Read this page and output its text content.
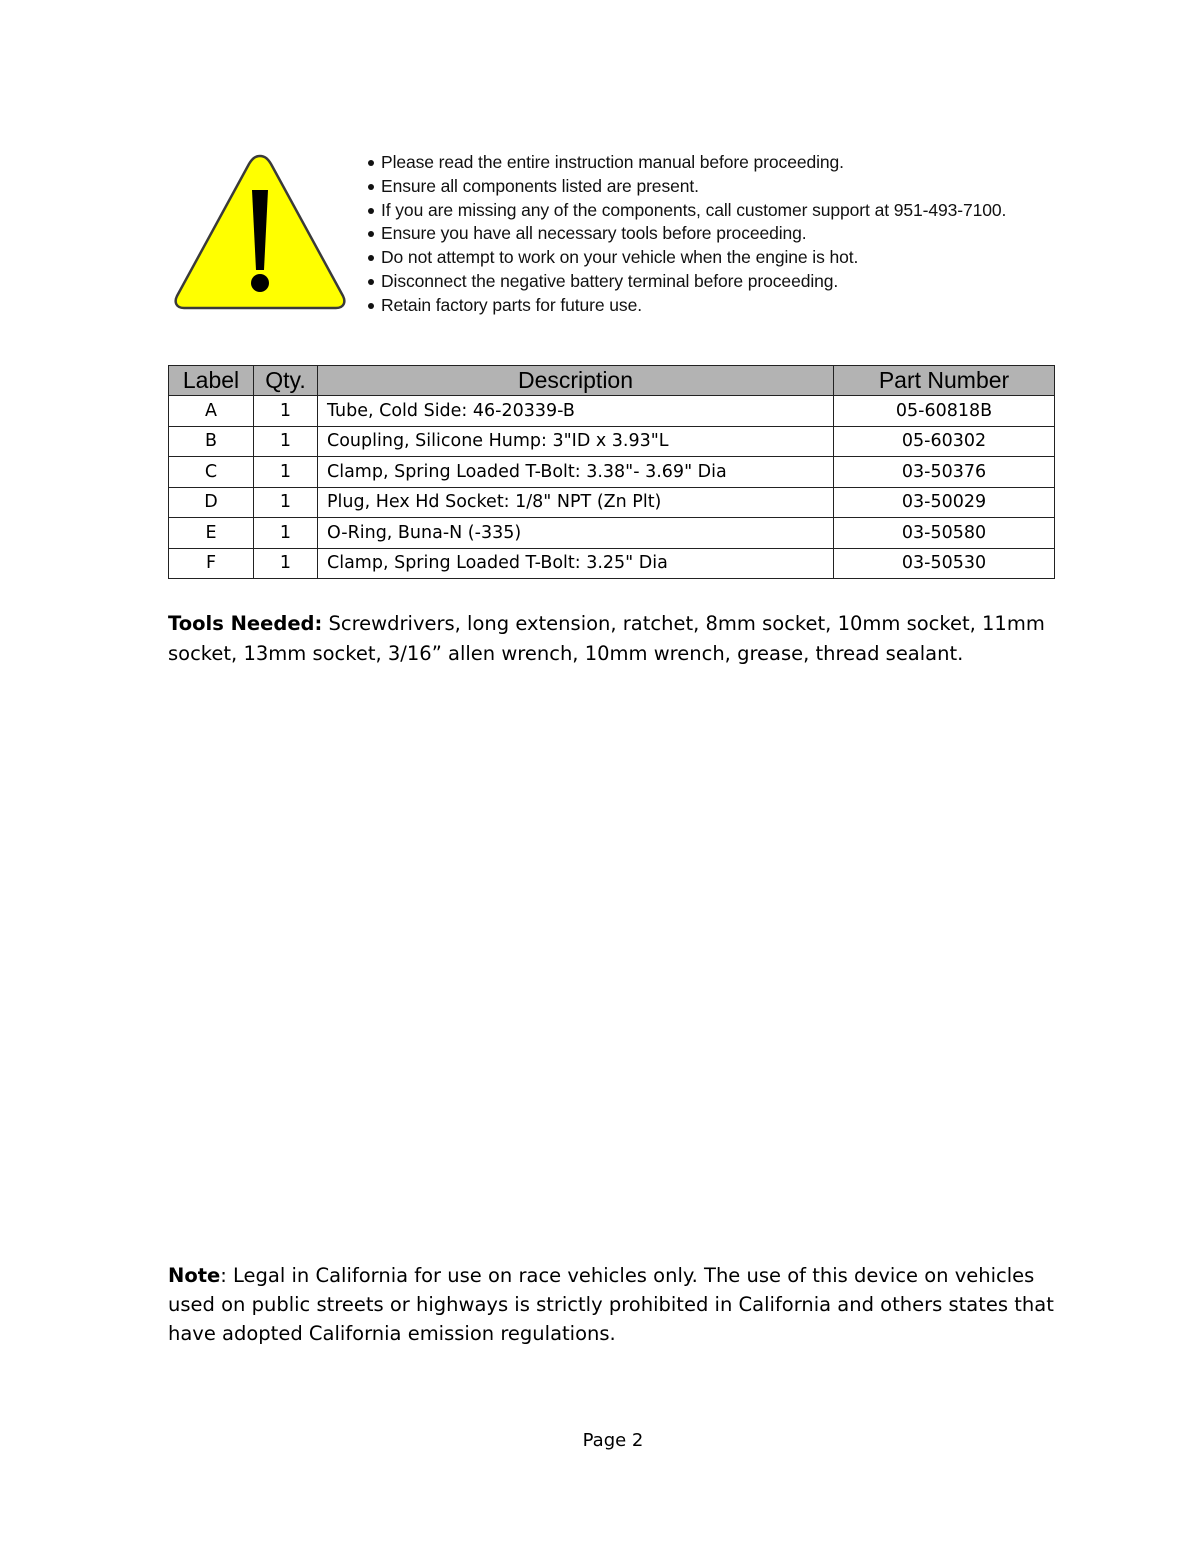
Please read the entire instruction manual before proceeding.
Ensure all components listed are present.
If you are missing any of the components, call customer support at 951-493-7100.
Ensure you have all necessary tools before proceeding.
Do not attempt to work on your vehicle when the engine is hot.
Disconnect the negative battery terminal before proceeding.
Retain factory parts for future use.
Label	Qty.	Description	Part Number
A	1	Tube, Cold Side: 46-20339-B	05-60818B
B	1	Coupling, Silicone Hump: 3"ID x 3.93"L	05-60302
C	1	Clamp, Spring Loaded T-Bolt: 3.38"- 3.69" Dia	03-50376
D	1	Plug, Hex Hd Socket: 1/8" NPT (Zn Plt)	03-50029
E	1	O-Ring, Buna-N (-335)	03-50580
F	1	Clamp, Spring Loaded T-Bolt: 3.25" Dia	03-50530

Tools Needed: Screwdrivers, long extension, ratchet, 8mm socket, 10mm socket, 11mm socket, 13mm socket, 3/16” allen wrench, 10mm wrench, grease, thread sealant.

Note: Legal in California for use on race vehicles only. The use of this device on vehicles used on public streets or highways is strictly prohibited in California and others states that have adopted California emission regulations.

Page 2
